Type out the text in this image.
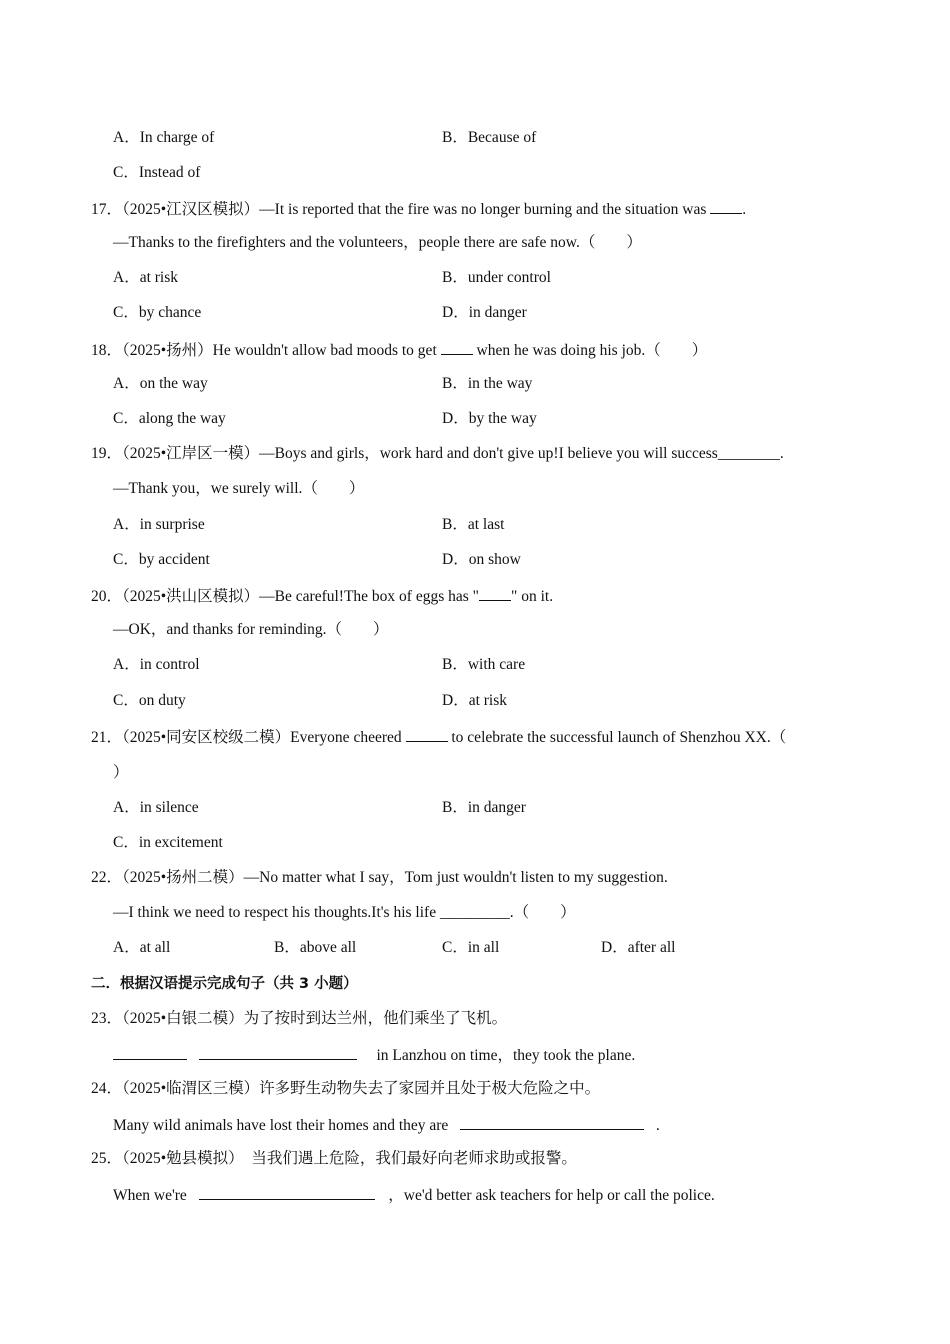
A．In charge of	B．Because of
C．Instead of
17．（2025•江汉区模拟）—It is reported that the fire was no longer burning and the situation was .
—Thanks to the firefighters and the volunteers，people there are safe now.（　　）
A．at risk	B．under control
C．by chance	D．in danger
18．（2025•扬州）He wouldn't allow bad moods to get	when he was doing his job.（　　）
A．on the way	B．in the way
C．along the way	D．by the way
19．（2025•江岸区一模）—Boys and girls，work hard and don't give up!I believe you will success________.
—Thank you，we surely will.（　　）
A．in surprise	B．at last
C．by accident	D．on show
20．（2025•洪山区模拟）—Be careful!The box of eggs has " " on it.
—OK，and thanks for reminding.（　　）
A．in control	B．with care
C．on duty	D．at risk
21．（2025•同安区校级二模）Everyone cheered	to celebrate the successful launch of Shenzhou XX.（
）
A．in silence	B．in danger
C．in excitement
22．（2025•扬州二模）—No matter what I say，Tom just wouldn't listen to my suggestion.
—I think we need to respect his thoughts.It's his life _________.（　　）
A．at all	B．above all	C．in all	D．after all
二．根据汉语提示完成句子（共 3 小题）
23．（2025•白银二模）为了按时到达兰州，他们乘坐了飞机。
in Lanzhou on time，they took the plane.
24．（2025•临渭区三模）许多野生动物失去了家园并且处于极大危险之中。
Many wild animals have lost their homes and they are	.
25．（2025•勉县模拟）　当我们遇上危险，我们最好向老师求助或报警。
When we're	，we'd better ask teachers for help or call the police.
